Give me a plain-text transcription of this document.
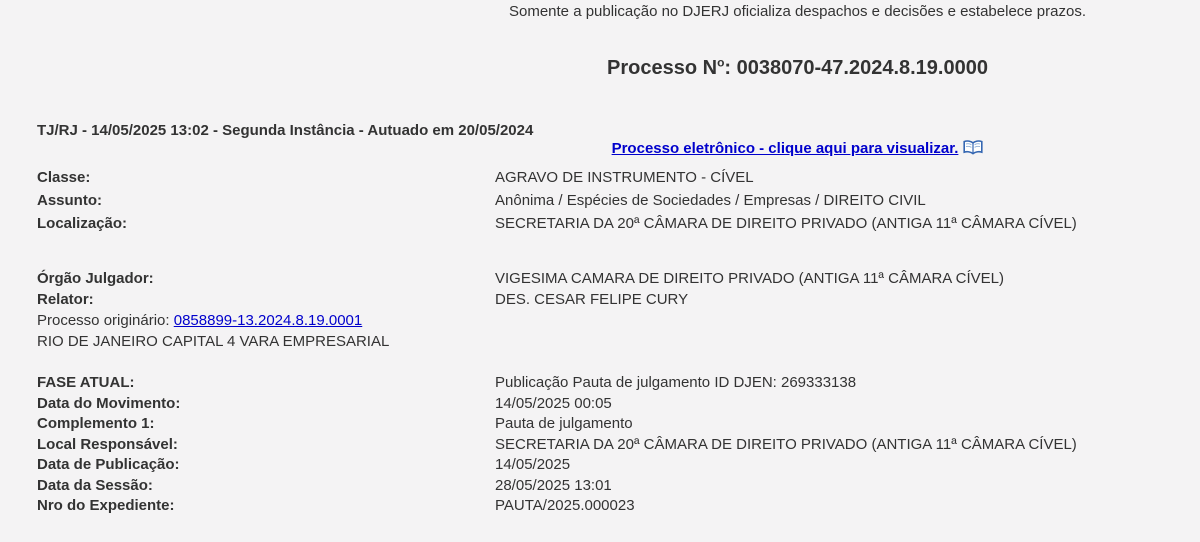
Somente a publicação no DJERJ oficializa despachos e decisões e estabelece prazos.
Processo $N^o$: 0038070-47.2024.8.19.0000
TJ/RJ - 14/05/2025 13:02 - Segunda Instância - Autuado em 20/05/2024
Processo eletrônico - clique aqui para visualizar.
Classe:	AGRAVO DE INSTRUMENTO - CÍVEL
Assunto:	Anônima / Espécies de Sociedades / Empresas / DIREITO CIVIL
Localização:	SECRETARIA DA 20ª CÂMARA DE DIREITO PRIVADO (ANTIGA 11ª CÂMARA CÍVEL)
Órgão Julgador:	VIGESIMA CAMARA DE DIREITO PRIVADO (ANTIGA 11ª CÂMARA CÍVEL)
Relator:	DES. CESAR FELIPE CURY
Processo originário: 0858899-13.2024.8.19.0001
RIO DE JANEIRO CAPITAL 4 VARA EMPRESARIAL
FASE ATUAL:	Publicação Pauta de julgamento ID DJEN: 269333138
Data do Movimento:	14/05/2025 00:05
Complemento 1:	Pauta de julgamento
Local Responsável:	SECRETARIA DA 20ª CÂMARA DE DIREITO PRIVADO (ANTIGA 11ª CÂMARA CÍVEL)
Data de Publicação:	14/05/2025
Data da Sessão:	28/05/2025 13:01
Nro do Expediente:	PAUTA/2025.000023
